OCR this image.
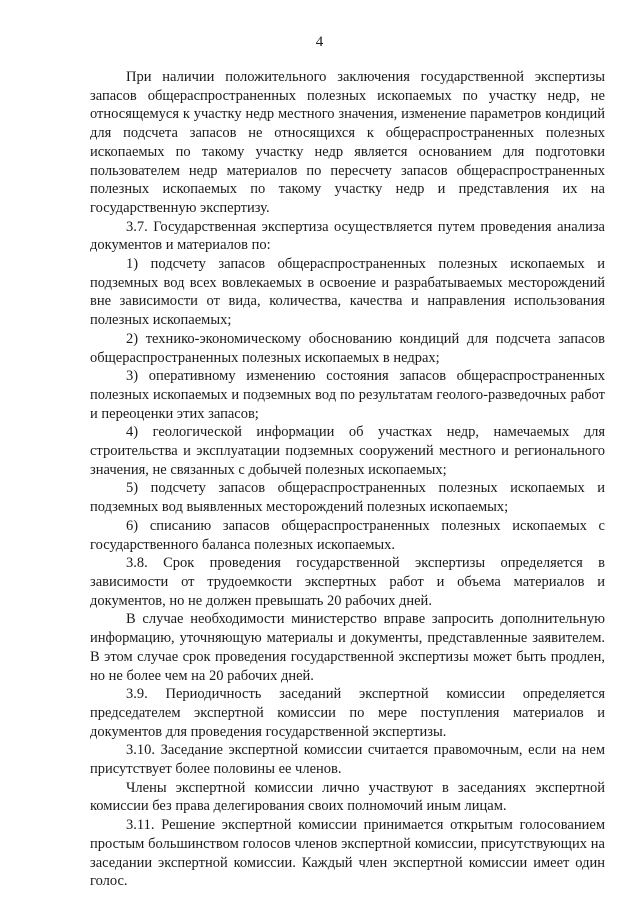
4

При наличии положительного заключения государственной экспертизы запасов общераспространенных полезных ископаемых по участку недр, не относящемуся к участку недр местного значения, изменение параметров кондиций для подсчета запасов не относящихся к общераспространенных полезных ископаемых по такому участку недр является основанием для подготовки пользователем недр материалов по пересчету запасов общераспространенных полезных ископаемых по такому участку недр и представления их на государственную экспертизу.

3.7. Государственная экспертиза осуществляется путем проведения анализа документов и материалов по:

1) подсчету запасов общераспространенных полезных ископаемых и подземных вод всех вовлекаемых в освоение и разрабатываемых месторождений вне зависимости от вида, количества, качества и направления использования полезных ископаемых;

2) технико-экономическому обоснованию кондиций для подсчета запасов общераспространенных полезных ископаемых в недрах;

3) оперативному изменению состояния запасов общераспространенных полезных ископаемых и подземных вод по результатам геолого-разведочных работ и переоценки этих запасов;

4) геологической информации об участках недр, намечаемых для строительства и эксплуатации подземных сооружений местного и регионального значения, не связанных с добычей полезных ископаемых;

5) подсчету запасов общераспространенных полезных ископаемых и подземных вод выявленных месторождений полезных ископаемых;

6) списанию запасов общераспространенных полезных ископаемых с государственного баланса полезных ископаемых.

3.8. Срок проведения государственной экспертизы определяется в зависимости от трудоемкости экспертных работ и объема материалов и документов, но не должен превышать 20 рабочих дней.

В случае необходимости министерство вправе запросить дополнительную информацию, уточняющую материалы и документы, представленные заявителем. В этом случае срок проведения государственной экспертизы может быть продлен, но не более чем на 20 рабочих дней.

3.9. Периодичность заседаний экспертной комиссии определяется председателем экспертной комиссии по мере поступления материалов и документов для проведения государственной экспертизы.

3.10. Заседание экспертной комиссии считается правомочным, если на нем присутствует более половины ее членов.

Члены экспертной комиссии лично участвуют в заседаниях экспертной комиссии без права делегирования своих полномочий иным лицам.

3.11. Решение экспертной комиссии принимается открытым голосованием простым большинством голосов членов экспертной комиссии, присутствующих на заседании экспертной комиссии. Каждый член экспертной комиссии имеет один голос.
